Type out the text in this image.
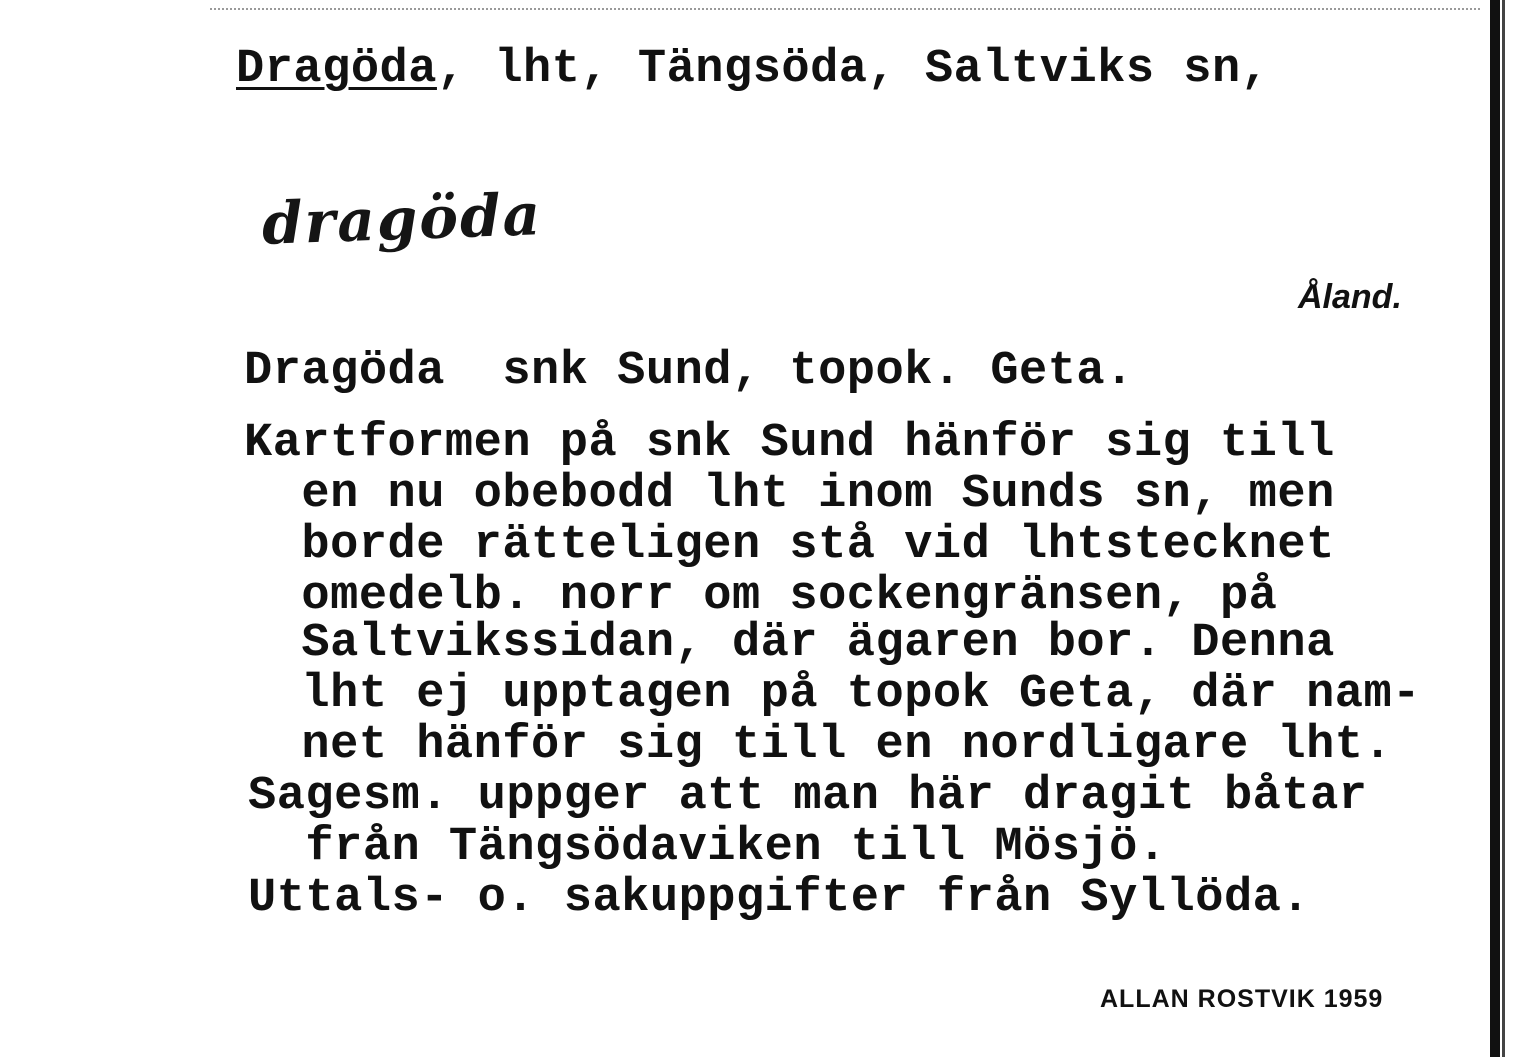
Dragöda, lht, Tängsöda, Saltviks sn,
dragöda
Åland.
Dragöda  snk Sund, topok. Geta.
Kartformen på snk Sund hänför sig till
en nu obebodd lht inom Sunds sn, men
borde rätteligen stå vid lhtstecknet
omedelb. norr om sockengränsen, på
Saltvikssidan, där ägaren bor. Denna
lht ej upptagen på topok Geta, där nam-
net hänför sig till en nordligare lht.
Sagesm. uppger att man här dragit båtar
från Tängsödaviken till Mösjö.
Uttals- o. sakuppgifter från Syllöda.
ALLAN ROSTVIK 1959
